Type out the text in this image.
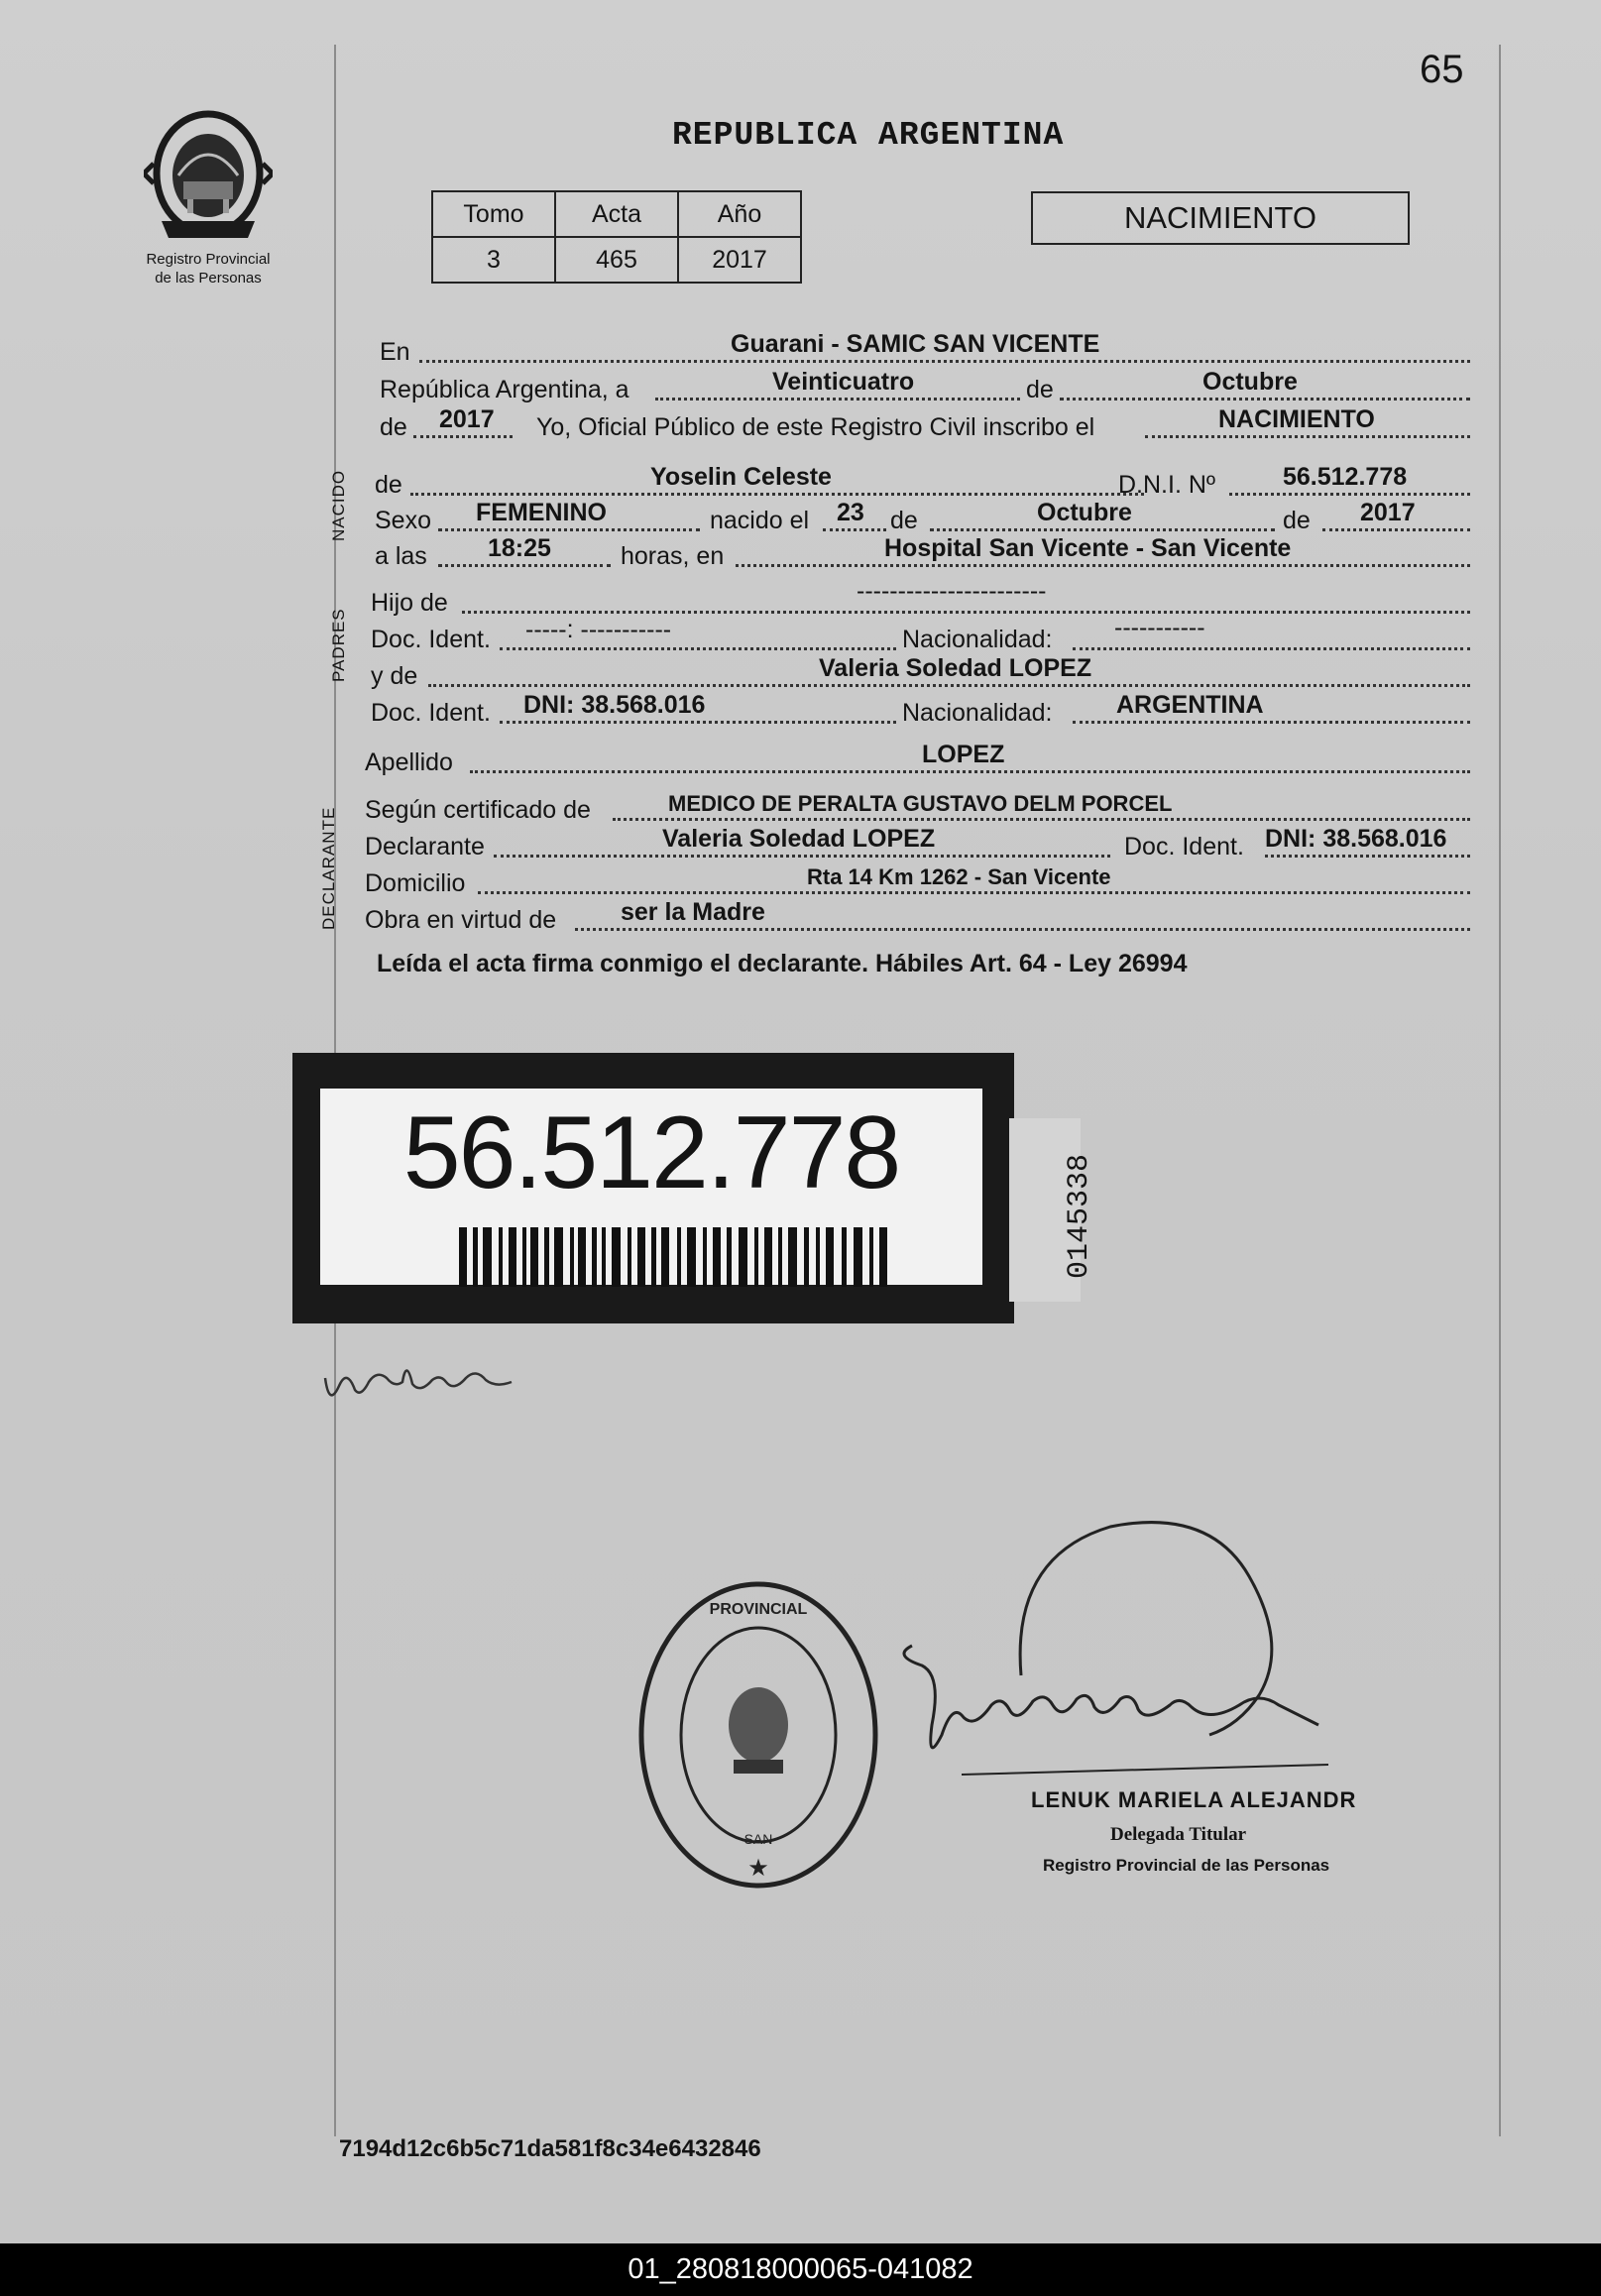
65
Registro Provincial
de las Personas
REPUBLICA ARGENTINA
Tomo	Acta	Año
3	465	2017
NACIMIENTO
En	Guarani - SAMIC SAN VICENTE
República Argentina, a	Veinticuatro	de	Octubre
de 2017 Yo, Oficial Público de este Registro Civil inscribo el	NACIMIENTO
NACIDO de	Yoselin Celeste	D.N.I. Nº	56.512.778
Sexo FEMENINO	nacido el 23 de	Octubre	de 2017
a las 18:25	horas, en	Hospital San Vicente - San Vicente
PADRES
Hijo de	-----------------------
Doc. Ident. -----: -----------	Nacionalidad:	-----------
y de	Valeria Soledad LOPEZ
Doc. Ident. DNI: 38.568.016	Nacionalidad:	ARGENTINA
Apellido	LOPEZ
DECLARANTE Según certificado de	MEDICO DE PERALTA GUSTAVO DELM PORCEL
Declarante	Valeria Soledad LOPEZ	Doc. Ident. DNI: 38.568.016
Domicilio	Rta 14 Km 1262 - San Vicente
Obra en virtud de	ser la Madre
Leída el acta firma conmigo el declarante. Hábiles Art. 64 - Ley 26994
56.512.778
0145338
PROVINCIAL
SAN
★
LENUK MARIELA ALEJANDR
Delegada Titular
Registro Provincial de las Personas
7194d12c6b5c71da581f8c34e6432846
01_280818000065-041082
